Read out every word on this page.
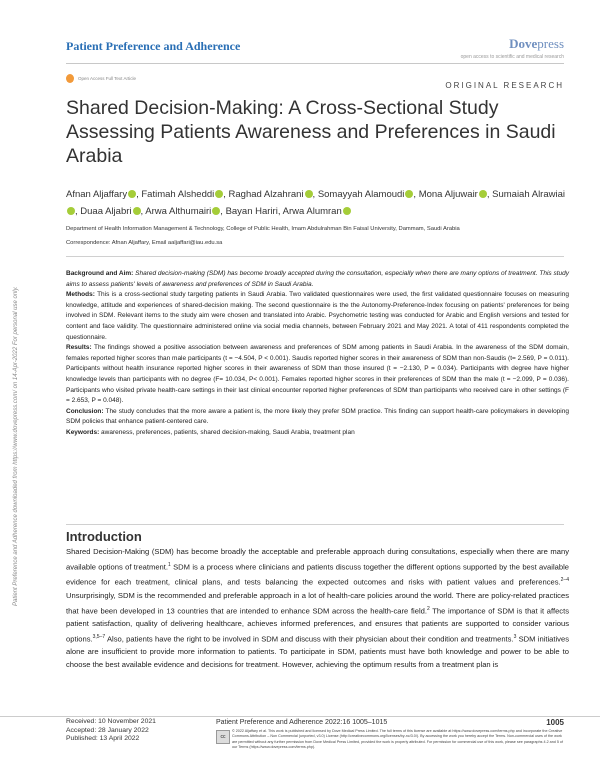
Patient Preference and Adherence	Dovepress
open access to scientific and medical research
Open Access Full Text Article
ORIGINAL RESEARCH
Shared Decision-Making: A Cross-Sectional Study Assessing Patients Awareness and Preferences in Saudi Arabia
Afnan Aljaffary , Fatimah Alsheddi , Raghad Alzahrani , Somayyah Alamoudi , Mona Aljuwair , Sumaiah Alrawiai, Duaa Aljabri , Arwa Althumairi , Bayan Hariri, Arwa Alumran
Department of Health Information Management & Technology, College of Public Health, Imam Abdulrahman Bin Faisal University, Dammam, Saudi Arabia
Correspondence: Afnan Aljaffary, Email aaljaffari@iau.edu.sa

Background and Aim: Shared decision-making (SDM) has become broadly accepted during the consultation, especially when there are many options of treatment. This study aims to assess patients' levels of awareness and preferences of SDM in Saudi Arabia.

Methods: This is a cross-sectional study targeting patients in Saudi Arabia. Two validated questionnaires were used, the first validated questionnaire focuses on measuring knowledge, attitude and experiences of shared-decision making. The second questionnaire is the the Autonomy-Preference-Index focusing on patients' preferences for being involved in SDM. Relevant items to the study aim were chosen and translated into Arabic. Psychometric testing was conducted for Arabic and English versions and tested for content and face validity. The questionnaire administered online via social media channels, between February 2021 and May 2021. A total of 411 respondents completed the questionnaire.

Results: The findings showed a positive association between awareness and preferences of SDM among patients in Saudi Arabia. In the awareness of the SDM domain, females reported higher scores than male participants (t = −4.504, P < 0.001). Saudis reported higher scores in their awareness of SDM than non-Saudis (t= 2.569, P = 0.011). Participants without health insurance reported higher scores in their awareness of SDM than those insured (t = −2.130, P = 0.034). Participants with degree have higher knowledge levels than participants with no degree (F= 10.034, P< 0.001). Females reported higher scores in their preferences of SDM than the male (t = −2.099, P = 0.036). Participants who visited private health-care settings in their last clinical encounter reported higher preferences of SDM than participants who received care in other settings (F = 2.653, P = 0.048).

Conclusion: The study concludes that the more aware a patient is, the more likely they prefer SDM practice. This finding can support health-care policymakers in developing SDM policies that enhance patient-centered care.

Keywords: awareness, preferences, patients, shared decision-making, Saudi Arabia, treatment plan

Introduction
Shared Decision-Making (SDM) has become broadly the acceptable and preferable approach during consultations, especially when there are many available options of treatment.$^1$ SDM is a process where clinicians and patients discuss together the different options supported by the best available evidence for each treatment, clinical plans, and tests balancing the expected outcomes and risks with patient values and preferences.$^{2-4}$ Unsurprisingly, SDM is the recommended and preferable approach in a lot of health-care policies around the world. There are policy-related practices that have been developed in 13 countries that are intended to enhance SDM across the health-care field.$^2$ The importance of SDM is that it affects patient satisfaction, quality of delivering healthcare, achieves informed preferences, and ensures that patients are supported to consider various options.$^{3,5-7}$ Also, patients have the right to be involved in SDM and discuss with their physician about their condition and treatments.$^3$ SDM initiatives alone are insufficient to provide more information to patients. To participate in SDM, patients must have both knowledge and power to be able to choose the best available evidence and decisions for treatment. However, achieving the optimum results from a treatment plan is
Patient Preference and Adherence downloaded from https://www.dovepress.com/ on 14-Apr-2022 For personal use only.
Received: 10 November 2021
Accepted: 28 January 2022
Published: 13 April 2022
Patient Preference and Adherence 2022:16 1005–1015	1005
cc
© 2022 Aljaffary et al. This work is published and licensed by Dove Medical Press Limited. The full terms of this license are available at https://www.dovepress.com/terms.php and incorporate the Creative Commons Attribution – Non Commercial (unported, v3.0) License (http://creativecommons.org/licenses/by-nc/3.0/). By accessing the work you hereby accept the Terms. Non-commercial uses of the work are permitted without any further permission from Dove Medical Press Limited, provided the work is properly attributed. For permission for commercial use of this work, please see paragraphs 4.2 and 5 of our Terms (https://www.dovepress.com/terms.php).
